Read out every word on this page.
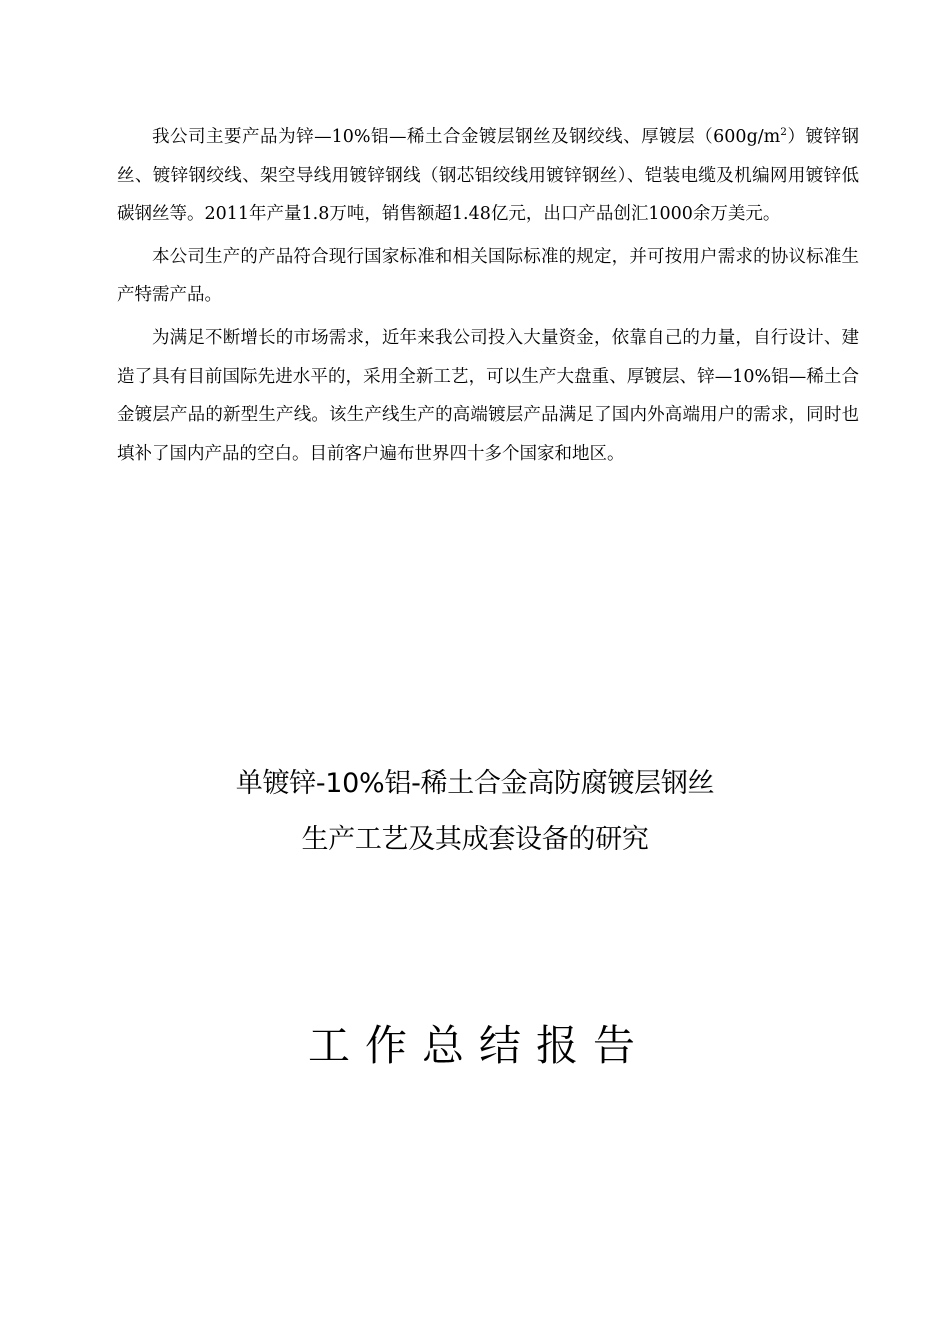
我公司主要产品为锌—10%铝—稀土合金镀层钢丝及钢绞线、厚镀层$(600g/m^2)$镀锌钢丝、镀锌钢绞线、架空导线用镀锌钢线（钢芯铝绞线用镀锌钢丝）、铠装电缆及机编网用镀锌低碳钢丝等。2011年产量1.8万吨，销售额超1.48亿元，出口产品创汇1000余万美元。

本公司生产的产品符合现行国家标准和相关国际标准的规定，并可按用户需求的协议标准生产特需产品。

为满足不断增长的市场需求，近年来我公司投入大量资金，依靠自己的力量，自行设计、建造了具有目前国际先进水平的，采用全新工艺，可以生产大盘重、厚镀层、锌—10%铝—稀土合金镀层产品的新型生产线。该生产线生产的高端镀层产品满足了国内外高端用户的需求，同时也填补了国内产品的空白。目前客户遍布世界四十多个国家和地区。

单镀锌-10%铝-稀土合金高防腐镀层钢丝
生产工艺及其成套设备的研究
工作总结报告
